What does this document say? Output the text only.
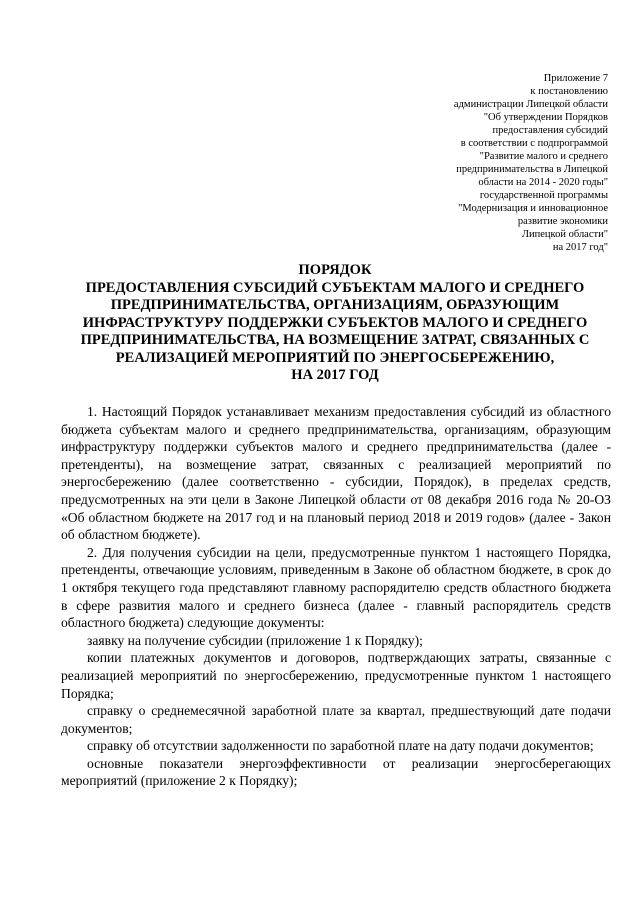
Приложение 7
к постановлению
администрации Липецкой области
"Об утверждении Порядков
предоставления субсидий
в соответствии с подпрограммой
"Развитие малого и среднего
предпринимательства в Липецкой
области на 2014 - 2020 годы"
государственной программы
"Модернизация и инновационное
развитие экономики
Липецкой области"
на 2017 год"
ПОРЯДОК
ПРЕДОСТАВЛЕНИЯ СУБСИДИЙ СУБЪЕКТАМ МАЛОГО И СРЕДНЕГО
ПРЕДПРИНИМАТЕЛЬСТВА, ОРГАНИЗАЦИЯМ, ОБРАЗУЮЩИМ
ИНФРАСТРУКТУРУ ПОДДЕРЖКИ СУБЪЕКТОВ МАЛОГО И СРЕДНЕГО
ПРЕДПРИНИМАТЕЛЬСТВА, НА ВОЗМЕЩЕНИЕ ЗАТРАТ, СВЯЗАННЫХ С
РЕАЛИЗАЦИЕЙ МЕРОПРИЯТИЙ ПО ЭНЕРГОСБЕРЕЖЕНИЮ,
НА 2017 ГОД

1. Настоящий Порядок устанавливает механизм предоставления субсидий из областного бюджета субъектам малого и среднего предпринимательства, организациям, образующим инфраструктуру поддержки субъектов малого и среднего предпринимательства (далее - претенденты), на возмещение затрат, связанных с реализацией мероприятий по энергосбережению (далее соответственно - субсидии, Порядок), в пределах средств, предусмотренных на эти цели в Законе Липецкой области от 08 декабря 2016 года № 20-ОЗ «Об областном бюджете на 2017 год и на плановый период 2018 и 2019 годов» (далее - Закон об областном бюджете).

2. Для получения субсидии на цели, предусмотренные пунктом 1 настоящего Порядка, претенденты, отвечающие условиям, приведенным в Законе об областном бюджете, в срок до 1 октября текущего года представляют главному распорядителю средств областного бюджета в сфере развития малого и среднего бизнеса (далее - главный распорядитель средств областного бюджета) следующие документы:

заявку на получение субсидии (приложение 1 к Порядку);

копии платежных документов и договоров, подтверждающих затраты, связанные с реализацией мероприятий по энергосбережению, предусмотренные пунктом 1 настоящего Порядка;

справку о среднемесячной заработной плате за квартал, предшествующий дате подачи документов;

справку об отсутствии задолженности по заработной плате на дату подачи документов;

основные показатели энергоэффективности от реализации энергосберегающих мероприятий (приложение 2 к Порядку);
